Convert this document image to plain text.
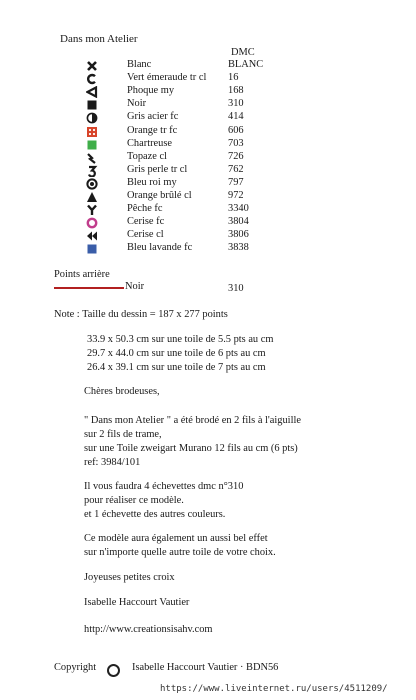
Dans mon Atelier
DMC
Blanc	BLANC
Vert émeraude tr cl 16
Phoque my	168
Noir	310
Gris acier fc	414
Orange tr fc	606
Chartreuse	703
Topaze cl	726
Gris perle tr cl	762
Bleu roi my	797
Orange brûlé cl	972
Pêche fc	3340
Cerise fc	3804
Cerise cl	3806
Bleu lavande fc	3838
Points arrière
Noir	310
Note : Taille du dessin = 187 x 277 points
33.9 x 50.3 cm sur une toile de 5.5 pts au cm
29.7 x 44.0 cm sur une toile de 6 pts au cm
26.4 x 39.1 cm sur une toile de 7 pts au cm
Chères brodeuses,
" Dans mon Atelier " a été brodé en 2 fils à l'aiguille
sur 2 fils de trame,
sur une Toile zweigart Murano 12 fils au cm (6 pts)
ref: 3984/101
Il vous faudra 4 échevettes dmc n°310
pour réaliser ce modèle.
et 1 échevette des autres couleurs.
Ce modèle aura également un aussi bel effet
sur n'importe quelle autre toile de votre choix.
Joyeuses petites croix
Isabelle Haccourt Vautier
http://www.creationsisahv.com
Copyright	Isabelle Haccourt Vautier · BDN56
https://www.liveinternet.ru/users/4511209/
